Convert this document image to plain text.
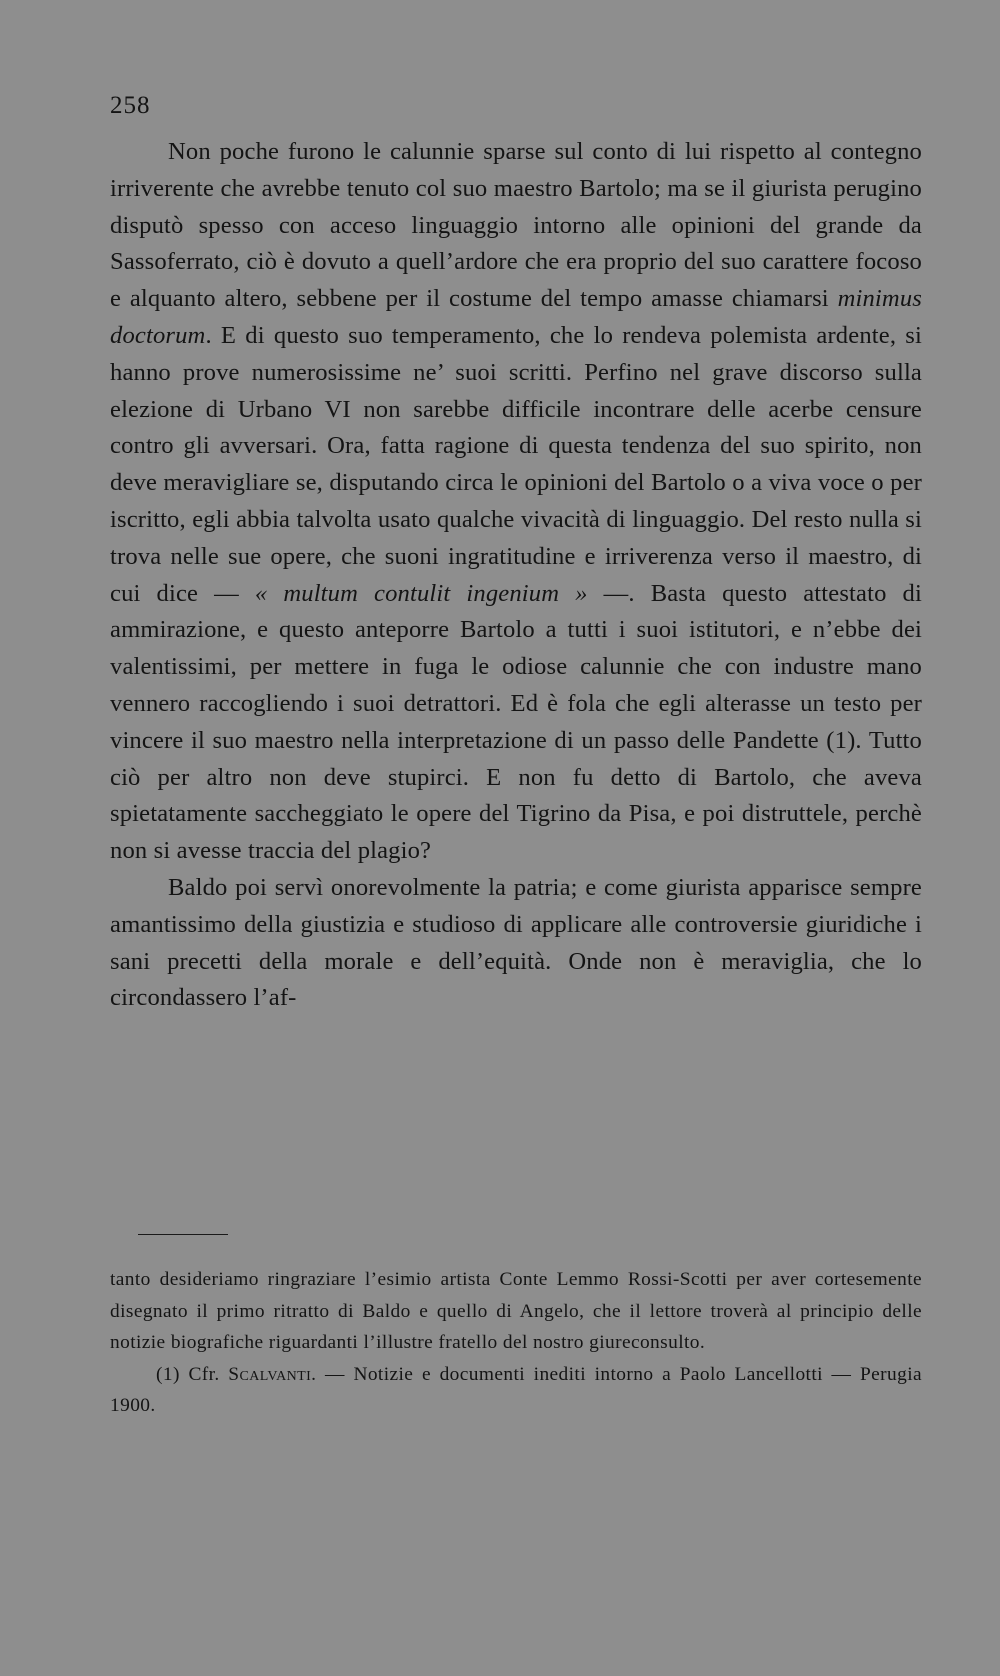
258

Non poche furono le calunnie sparse sul conto di lui rispetto al contegno irriverente che avrebbe tenuto col suo maestro Bartolo; ma se il giurista perugino disputò spesso con acceso linguaggio intorno alle opinioni del grande da Sassoferrato, ciò è dovuto a quell’ardore che era proprio del suo carattere focoso e alquanto altero, sebbene per il costume del tempo amasse chiamarsi minimus doctorum. E di questo suo temperamento, che lo rendeva polemista ardente, si hanno prove numerosissime ne’ suoi scritti. Perfino nel grave discorso sulla elezione di Urbano VI non sarebbe difficile incontrare delle acerbe censure contro gli avversari. Ora, fatta ragione di questa tendenza del suo spirito, non deve meravigliare se, disputando circa le opinioni del Bartolo o a viva voce o per iscritto, egli abbia talvolta usato qualche vivacità di linguaggio. Del resto nulla si trova nelle sue opere, che suoni ingratitudine e irriverenza verso il maestro, di cui dice — « multum contulit ingenium » —. Basta questo attestato di ammirazione, e questo anteporre Bartolo a tutti i suoi istitutori, e n’ebbe dei valentissimi, per mettere in fuga le odiose calunnie che con industre mano vennero raccogliendo i suoi detrattori. Ed è fola che egli alterasse un testo per vincere il suo maestro nella interpretazione di un passo delle Pandette (1). Tutto ciò per altro non deve stupirci. E non fu detto di Bartolo, che aveva spietatamente saccheggiato le opere del Tigrino da Pisa, e poi distruttele, perchè non si avesse traccia del plagio?

Baldo poi servì onorevolmente la patria; e come giurista apparisce sempre amantissimo della giustizia e studioso di applicare alle controversie giuridiche i sani precetti della morale e dell’equità. Onde non è meraviglia, che lo circondassero l’af-

tanto desideriamo ringraziare l’esimio artista Conte Lemmo Rossi-Scotti per aver cortesemente disegnato il primo ritratto di Baldo e quello di Angelo, che il lettore troverà al principio delle notizie biografiche riguardanti l’illustre fratello del nostro giureconsulto.

(1) Cfr. Scalvanti. — Notizie e documenti inediti intorno a Paolo Lancellotti — Perugia 1900.
